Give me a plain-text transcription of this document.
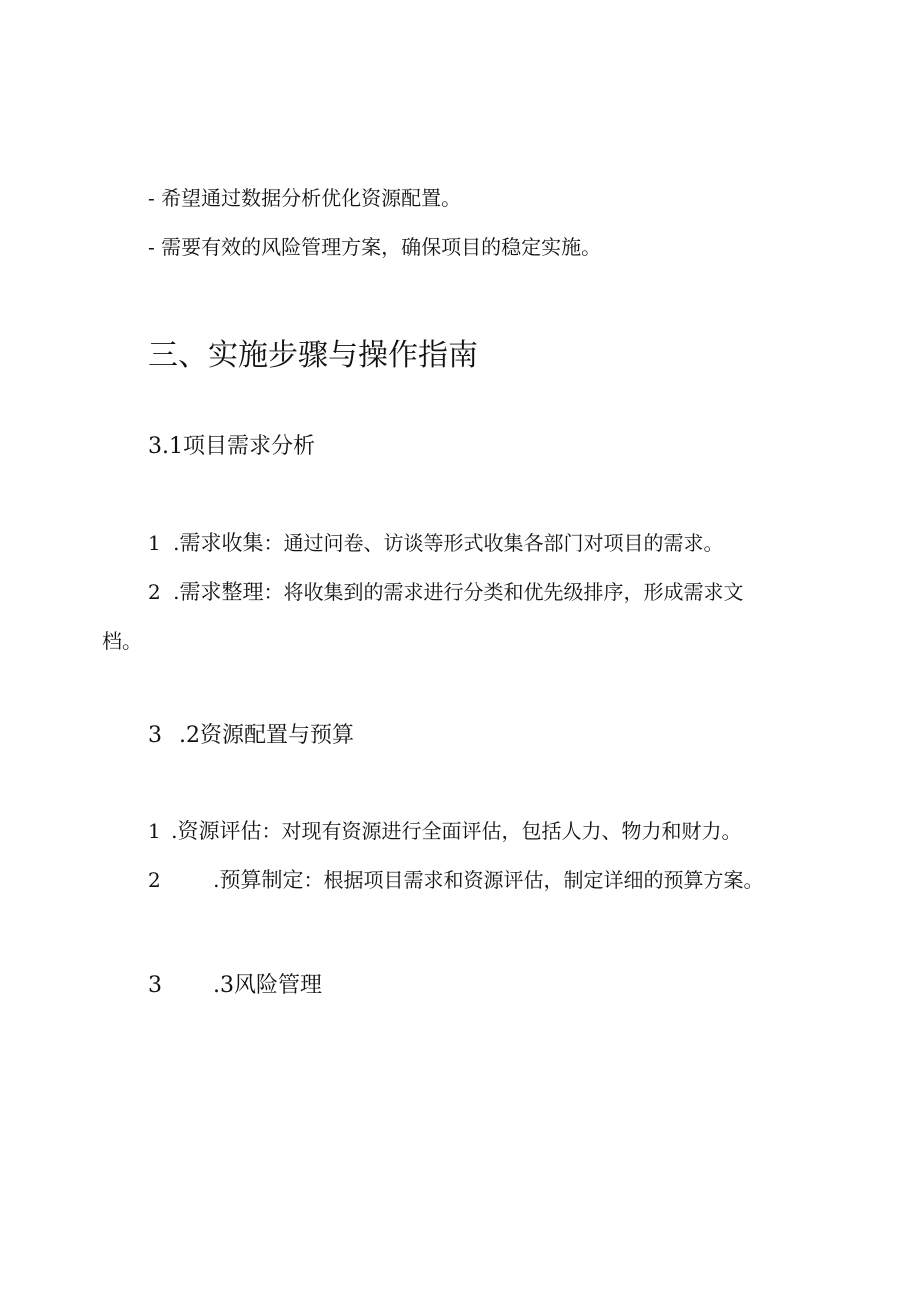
- 希望通过数据分析优化资源配置。
- 需要有效的风险管理方案，确保项目的稳定实施。
三、实施步骤与操作指南
3.1项目需求分析
1 .需求收集：通过问卷、访谈等形式收集各部门对项目的需求。
2 .需求整理：将收集到的需求进行分类和优先级排序，形成需求文
档。
3 .2资源配置与预算
1 .资源评估：对现有资源进行全面评估，包括人力、物力和财力。
2	.预算制定：根据项目需求和资源评估，制定详细的预算方案。
3 .3风险管理
